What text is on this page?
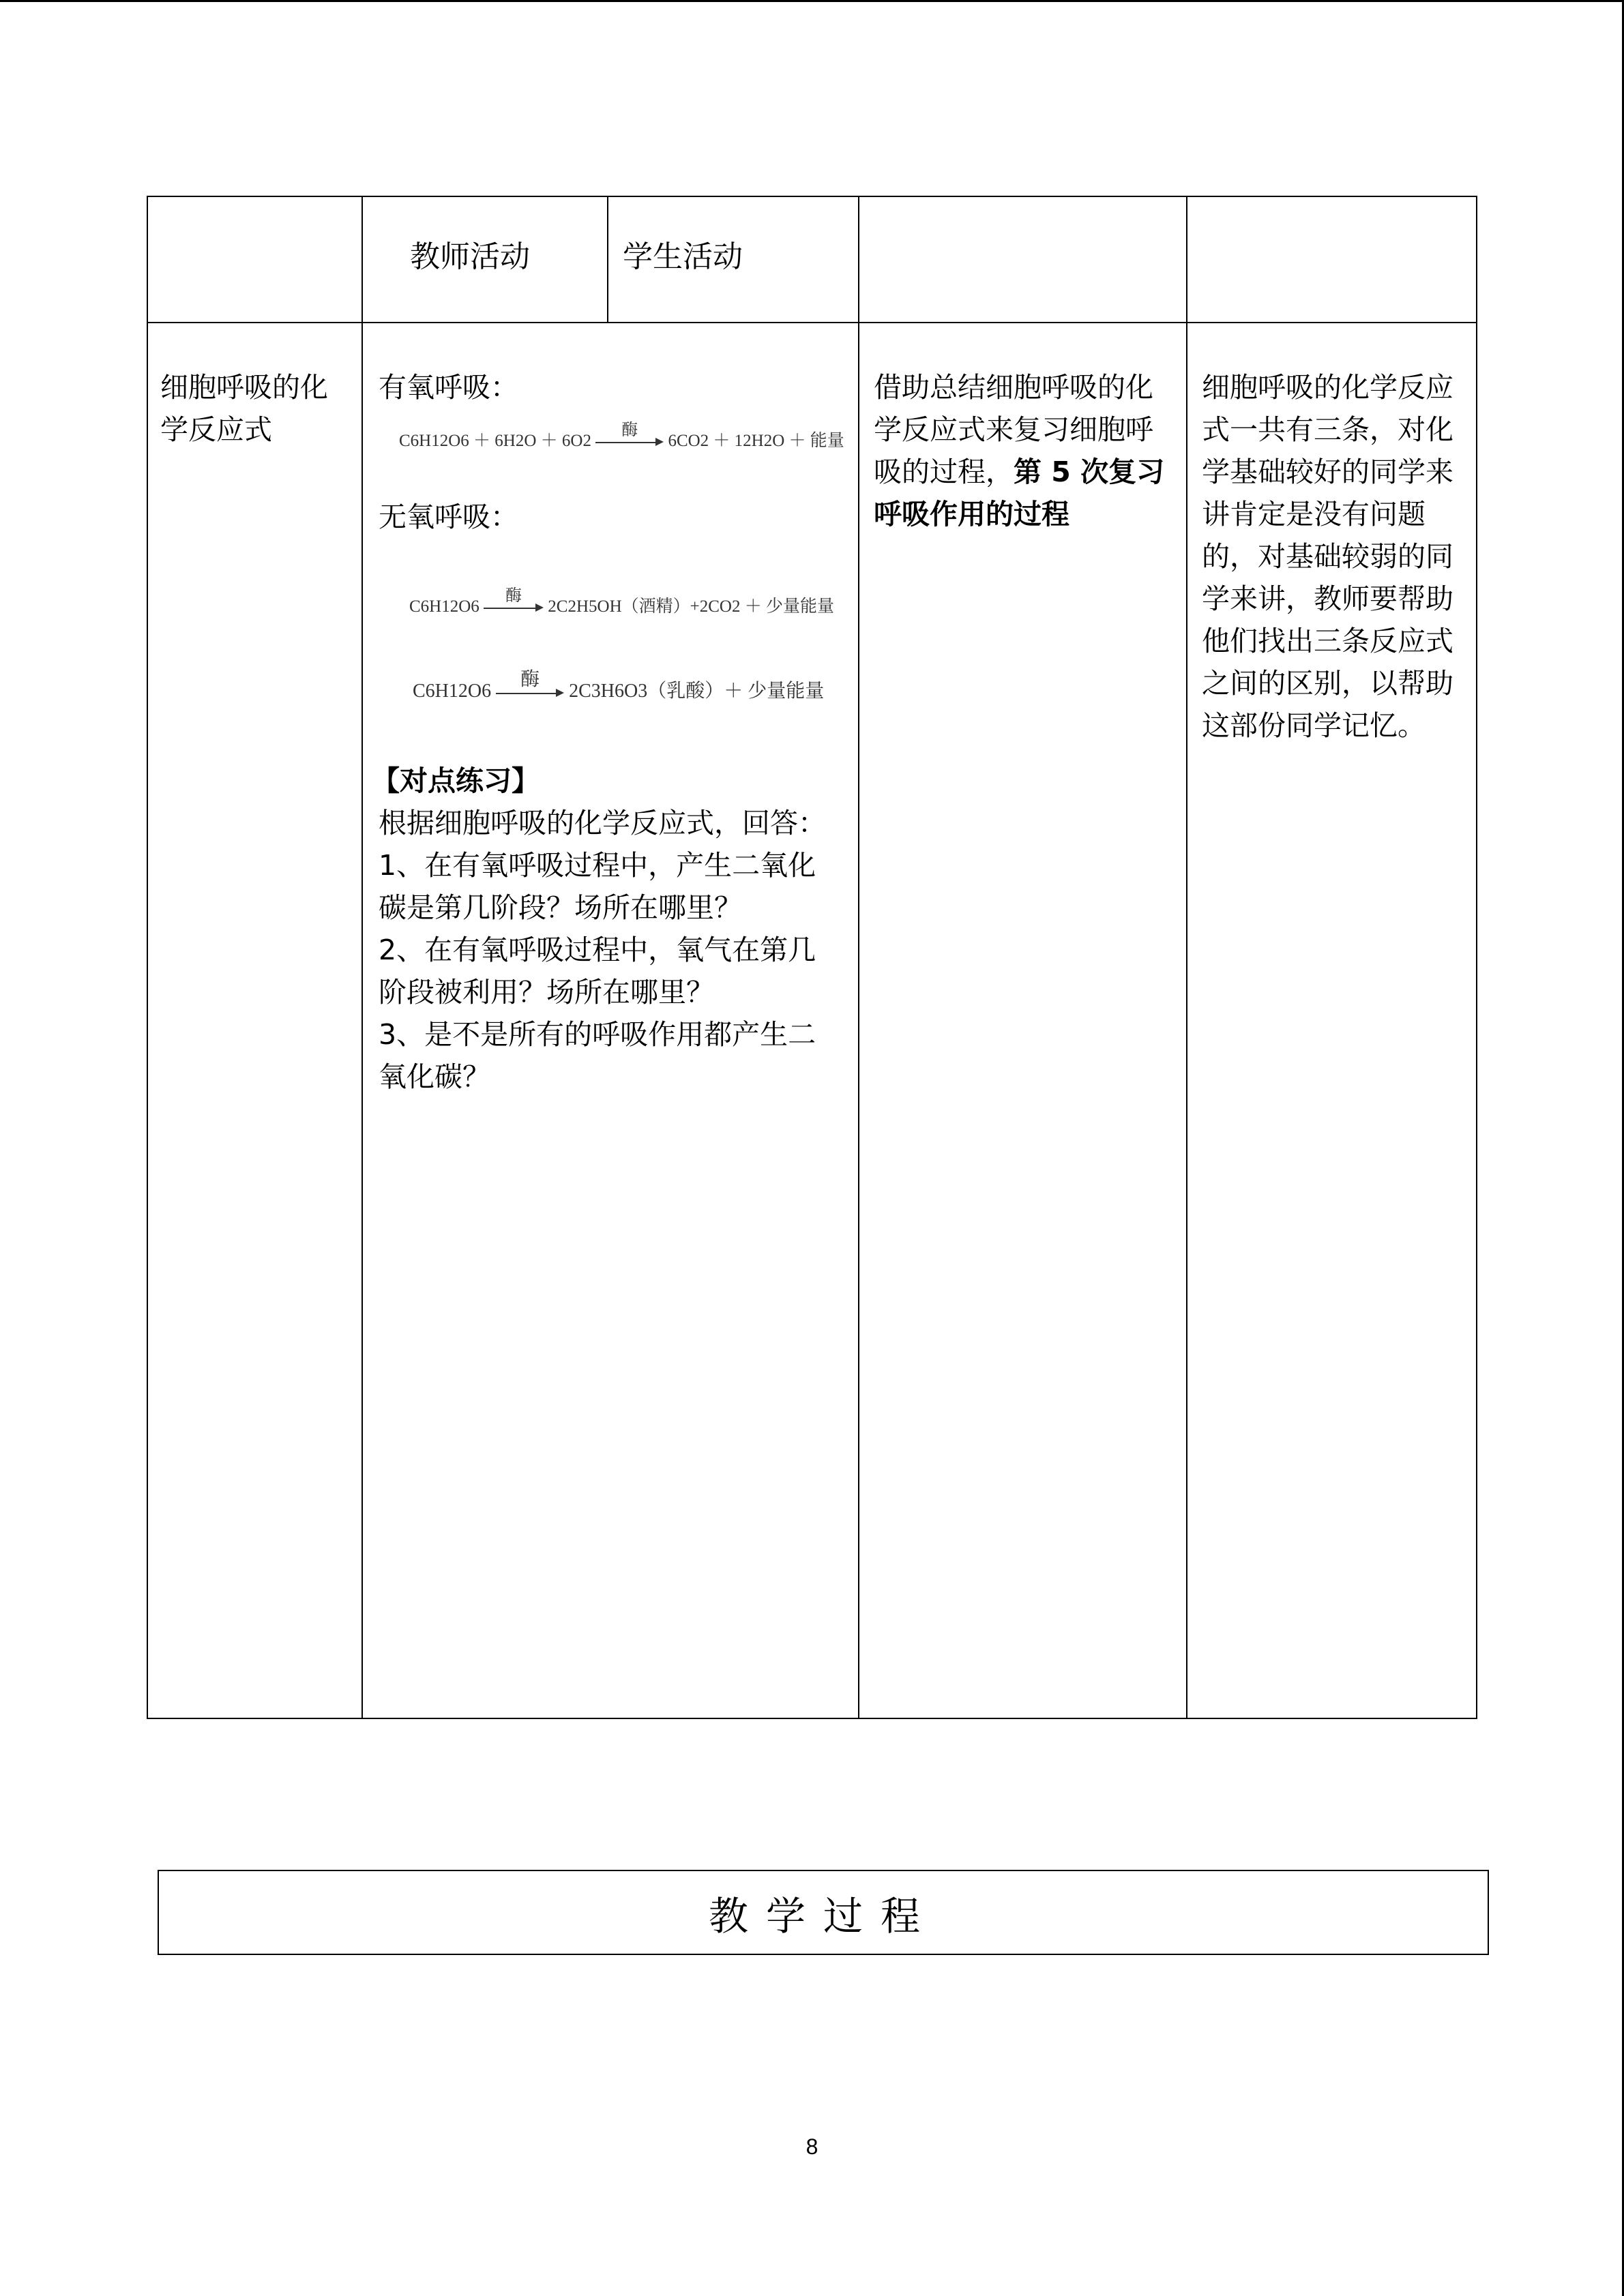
教师活动	学生活动
细胞呼吸的化学反应式
有氧呼吸：
C6H12O6 ＋ 6H2O ＋ 6O2
酶
6CO2 ＋ 12H2O ＋ 能量
无氧呼吸：
C6H12O6
酶
2C2H5OH（酒精）+2CO2 ＋ 少量能量
C6H12O6
酶
2C3H6O3（乳酸）＋ 少量能量
【对点练习】
根据细胞呼吸的化学反应式，回答：
1、在有氧呼吸过程中，产生二氧化碳是第几阶段？场所在哪里？
2、在有氧呼吸过程中，氧气在第几阶段被利用？场所在哪里？
3、是不是所有的呼吸作用都产生二氧化碳？
借助总结细胞呼吸的化学反应式来复习细胞呼吸的过程，第 5 次复习呼吸作用的过程
细胞呼吸的化学反应式一共有三条，对化学基础较好的同学来讲肯定是没有问题的，对基础较弱的同学来讲，教师要帮助他们找出三条反应式之间的区别，以帮助这部份同学记忆。
教学过程
8
